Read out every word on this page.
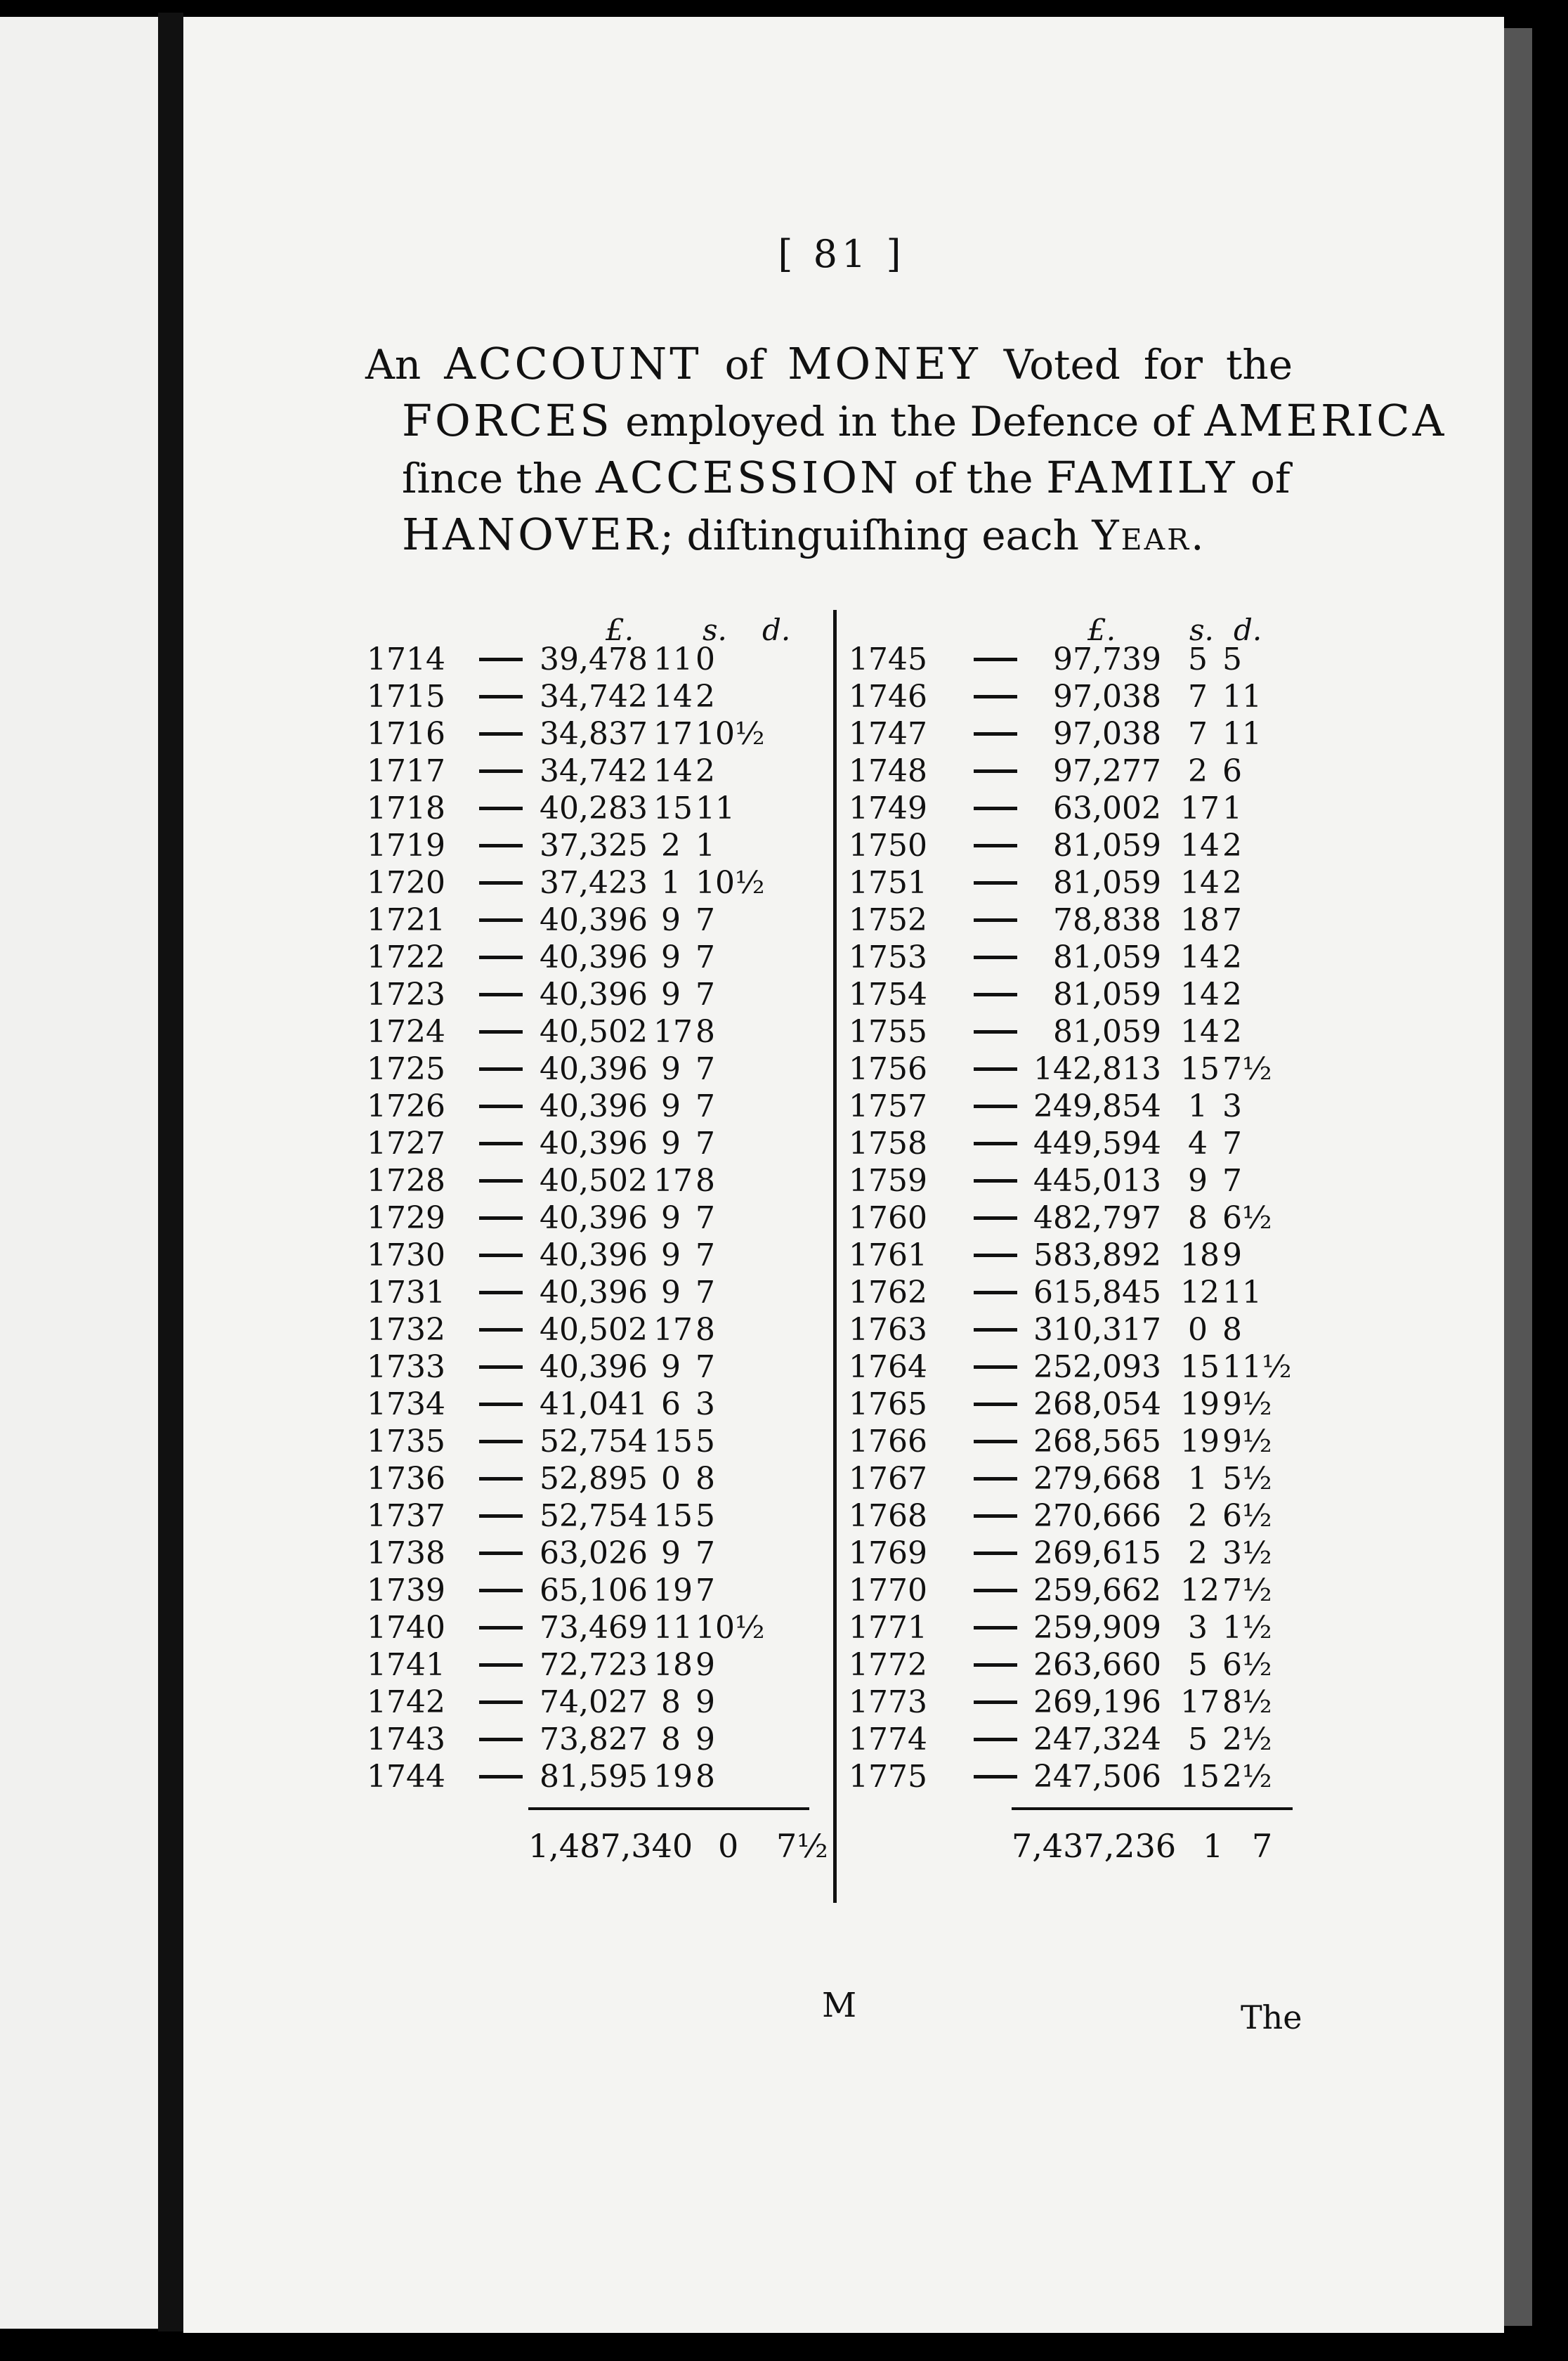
[ 81 ]
An ACCOUNT of MONEY Voted for the
FORCES employed in the Defence of AMERICA
ſince the ACCESSION of the FAMILY of
HANOVER; diſtinguiſhing each Year.
£. s. d.	£. s. d.
1714	39,478 11 0
1715	34,742 14 2
1716	34,837 17 10½
1717	34,742 14 2
1718	40,283 15 11
1719	37,325 2 1
1720	37,423 1 10½
1721	40,396 9 7
1722	40,396 9 7
1723	40,396 9 7
1724	40,502 17 8
1725	40,396 9 7
1726	40,396 9 7
1727	40,396 9 7
1728	40,502 17 8
1729	40,396 9 7
1730	40,396 9 7
1731	40,396 9 7
1732	40,502 17 8
1733	40,396 9 7
1734	41,041 6 3
1735	52,754 15 5
1736	52,895 0 8
1737	52,754 15 5
1738	63,026 9 7
1739	65,106 19 7
1740	73,469 11 10½
1741	72,723 18 9
1742	74,027 8 9
1743	73,827 8 9
1744	81,595 19 8
1745	97,739 5 5
1746	97,038 7 11
1747	97,038 7 11
1748	97,277 2 6
1749	63,002 17 1
1750	81,059 14 2
1751	81,059 14 2
1752	78,838 18 7
1753	81,059 14 2
1754	81,059 14 2
1755	81,059 14 2
1756	142,813 15 7½
1757	249,854 1 3
1758	449,594 4 7
1759	445,013 9 7
1760	482,797 8 6½
1761	583,892 18 9
1762	615,845 12 11
1763	310,317 0 8
1764	252,093 15 11½
1765	268,054 19 9½
1766	268,565 19 9½
1767	279,668 1 5½
1768	270,666 2 6½
1769	269,615 2 3½
1770	259,662 12 7½
1771	259,909 3 1½
1772	263,660 5 6½
1773	269,196 17 8½
1774	247,324 5 2½
1775	247,506 15 2½
1,487,340 0 7½	7,437,236 1 7
M	The
